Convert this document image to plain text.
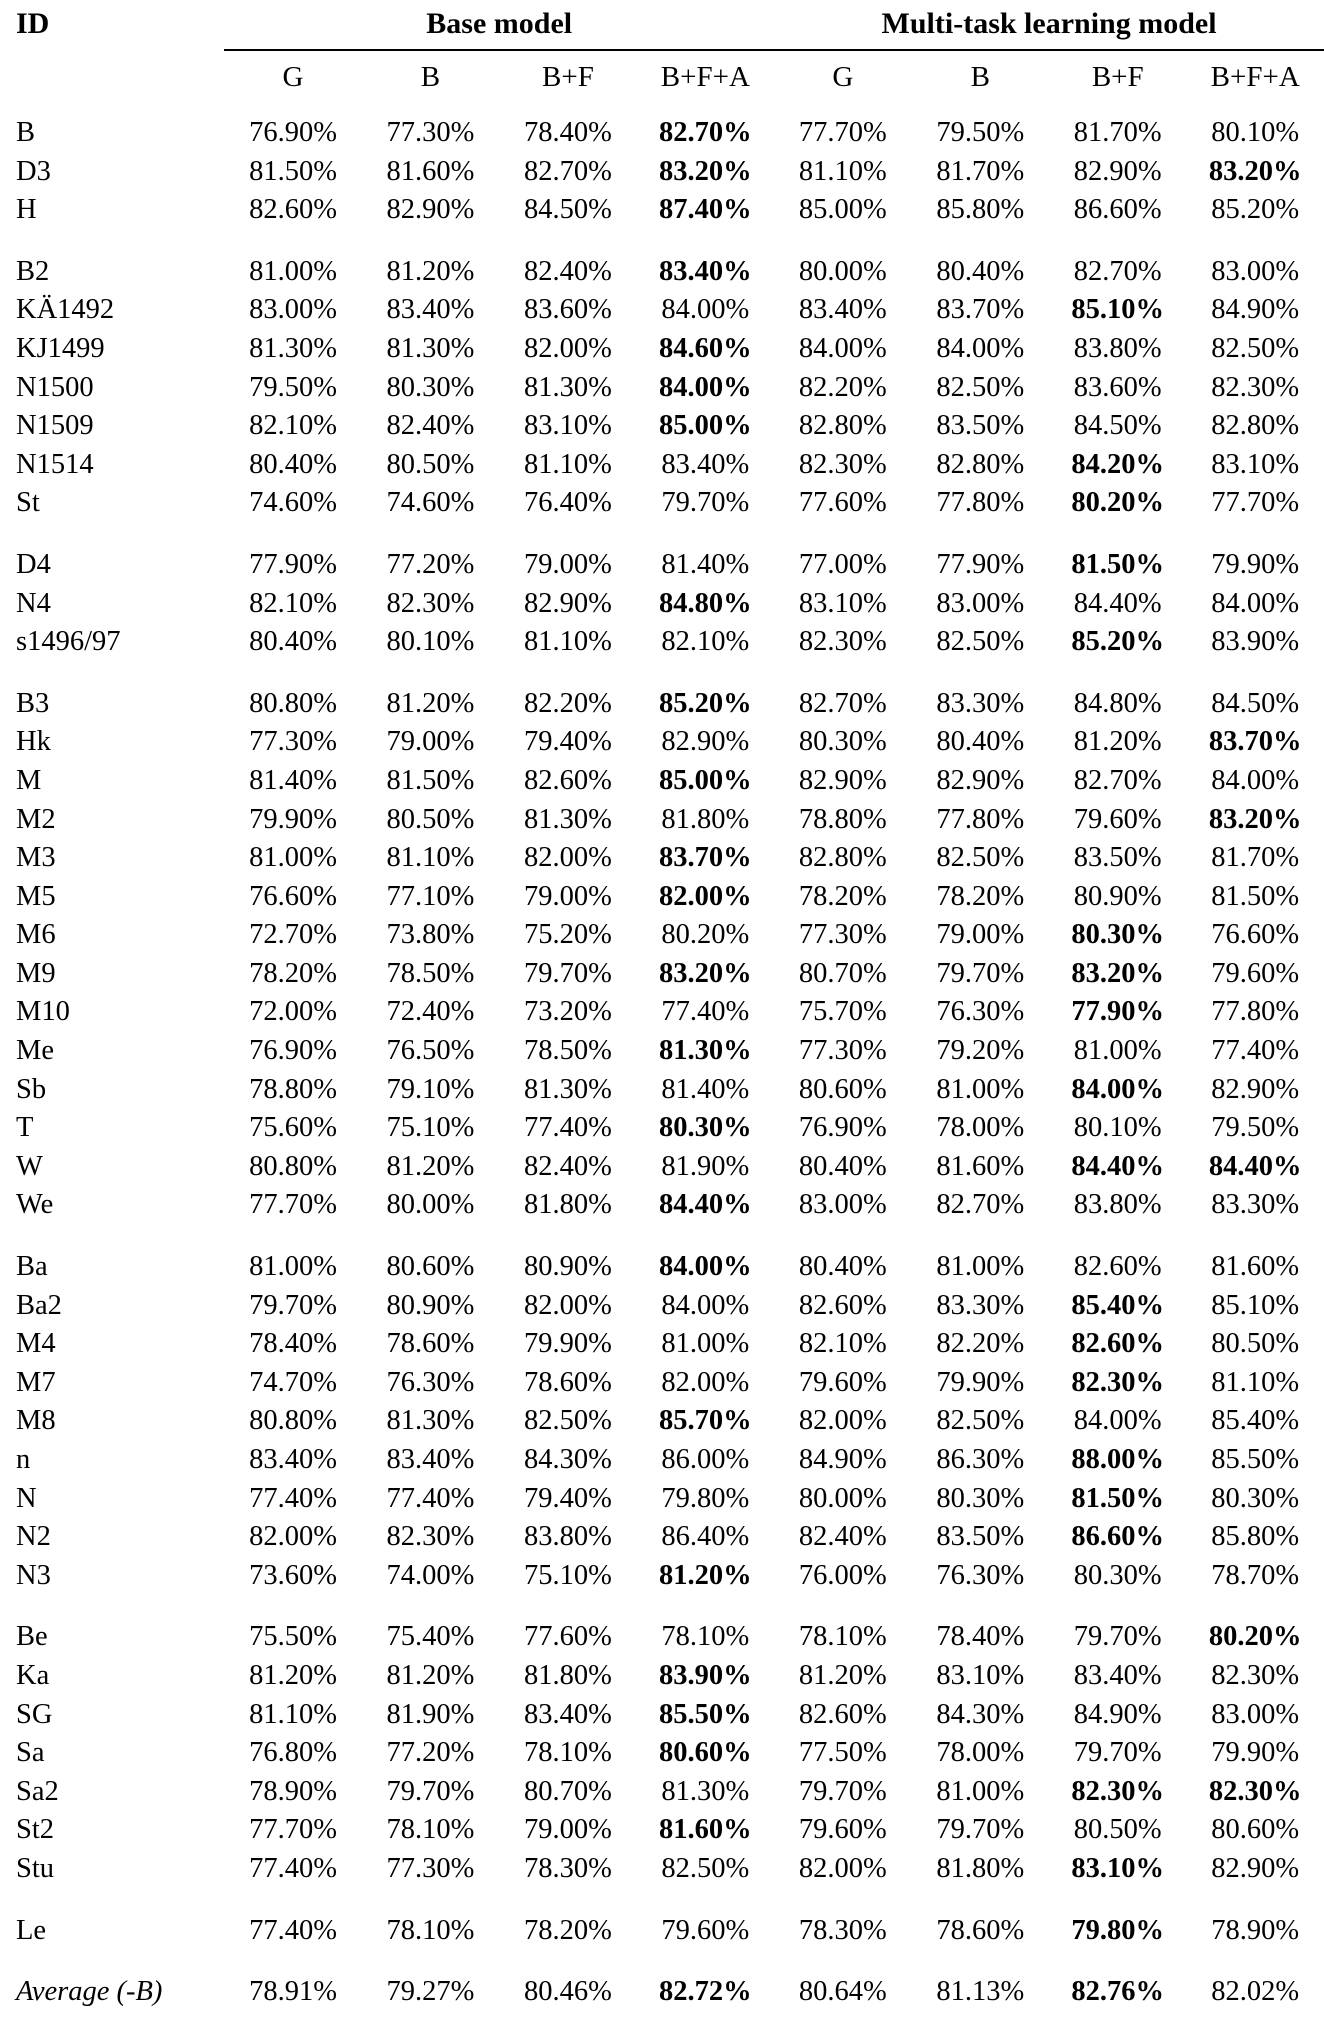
ID	Base model				Multi-task learning model			

	G	B	B+F	B+F+A	G	B	B+F	B+F+A

B	76.90%	77.30%	78.40%	82.70%	77.70%	79.50%	81.70%	80.10%
D3	81.50%	81.60%	82.70%	83.20%	81.10%	81.70%	82.90%	83.20%
H	82.60%	82.90%	84.50%	87.40%	85.00%	85.80%	86.60%	85.20%

B2	81.00%	81.20%	82.40%	83.40%	80.00%	80.40%	82.70%	83.00%
KÄ1492	83.00%	83.40%	83.60%	84.00%	83.40%	83.70%	85.10%	84.90%
KJ1499	81.30%	81.30%	82.00%	84.60%	84.00%	84.00%	83.80%	82.50%
N1500	79.50%	80.30%	81.30%	84.00%	82.20%	82.50%	83.60%	82.30%
N1509	82.10%	82.40%	83.10%	85.00%	82.80%	83.50%	84.50%	82.80%
N1514	80.40%	80.50%	81.10%	83.40%	82.30%	82.80%	84.20%	83.10%
St	74.60%	74.60%	76.40%	79.70%	77.60%	77.80%	80.20%	77.70%

D4	77.90%	77.20%	79.00%	81.40%	77.00%	77.90%	81.50%	79.90%
N4	82.10%	82.30%	82.90%	84.80%	83.10%	83.00%	84.40%	84.00%
s1496/97	80.40%	80.10%	81.10%	82.10%	82.30%	82.50%	85.20%	83.90%

B3	80.80%	81.20%	82.20%	85.20%	82.70%	83.30%	84.80%	84.50%
Hk	77.30%	79.00%	79.40%	82.90%	80.30%	80.40%	81.20%	83.70%
M	81.40%	81.50%	82.60%	85.00%	82.90%	82.90%	82.70%	84.00%
M2	79.90%	80.50%	81.30%	81.80%	78.80%	77.80%	79.60%	83.20%
M3	81.00%	81.10%	82.00%	83.70%	82.80%	82.50%	83.50%	81.70%
M5	76.60%	77.10%	79.00%	82.00%	78.20%	78.20%	80.90%	81.50%
M6	72.70%	73.80%	75.20%	80.20%	77.30%	79.00%	80.30%	76.60%
M9	78.20%	78.50%	79.70%	83.20%	80.70%	79.70%	83.20%	79.60%
M10	72.00%	72.40%	73.20%	77.40%	75.70%	76.30%	77.90%	77.80%
Me	76.90%	76.50%	78.50%	81.30%	77.30%	79.20%	81.00%	77.40%
Sb	78.80%	79.10%	81.30%	81.40%	80.60%	81.00%	84.00%	82.90%
T	75.60%	75.10%	77.40%	80.30%	76.90%	78.00%	80.10%	79.50%
W	80.80%	81.20%	82.40%	81.90%	80.40%	81.60%	84.40%	84.40%
We	77.70%	80.00%	81.80%	84.40%	83.00%	82.70%	83.80%	83.30%

Ba	81.00%	80.60%	80.90%	84.00%	80.40%	81.00%	82.60%	81.60%
Ba2	79.70%	80.90%	82.00%	84.00%	82.60%	83.30%	85.40%	85.10%
M4	78.40%	78.60%	79.90%	81.00%	82.10%	82.20%	82.60%	80.50%
M7	74.70%	76.30%	78.60%	82.00%	79.60%	79.90%	82.30%	81.10%
M8	80.80%	81.30%	82.50%	85.70%	82.00%	82.50%	84.00%	85.40%
n	83.40%	83.40%	84.30%	86.00%	84.90%	86.30%	88.00%	85.50%
N	77.40%	77.40%	79.40%	79.80%	80.00%	80.30%	81.50%	80.30%
N2	82.00%	82.30%	83.80%	86.40%	82.40%	83.50%	86.60%	85.80%
N3	73.60%	74.00%	75.10%	81.20%	76.00%	76.30%	80.30%	78.70%

Be	75.50%	75.40%	77.60%	78.10%	78.10%	78.40%	79.70%	80.20%
Ka	81.20%	81.20%	81.80%	83.90%	81.20%	83.10%	83.40%	82.30%
SG	81.10%	81.90%	83.40%	85.50%	82.60%	84.30%	84.90%	83.00%
Sa	76.80%	77.20%	78.10%	80.60%	77.50%	78.00%	79.70%	79.90%
Sa2	78.90%	79.70%	80.70%	81.30%	79.70%	81.00%	82.30%	82.30%
St2	77.70%	78.10%	79.00%	81.60%	79.60%	79.70%	80.50%	80.60%
Stu	77.40%	77.30%	78.30%	82.50%	82.00%	81.80%	83.10%	82.90%

Le	77.40%	78.10%	78.20%	79.60%	78.30%	78.60%	79.80%	78.90%

Average (-B)	78.91%	79.27%	80.46%	82.72%	80.64%	81.13%	82.76%	82.02%
